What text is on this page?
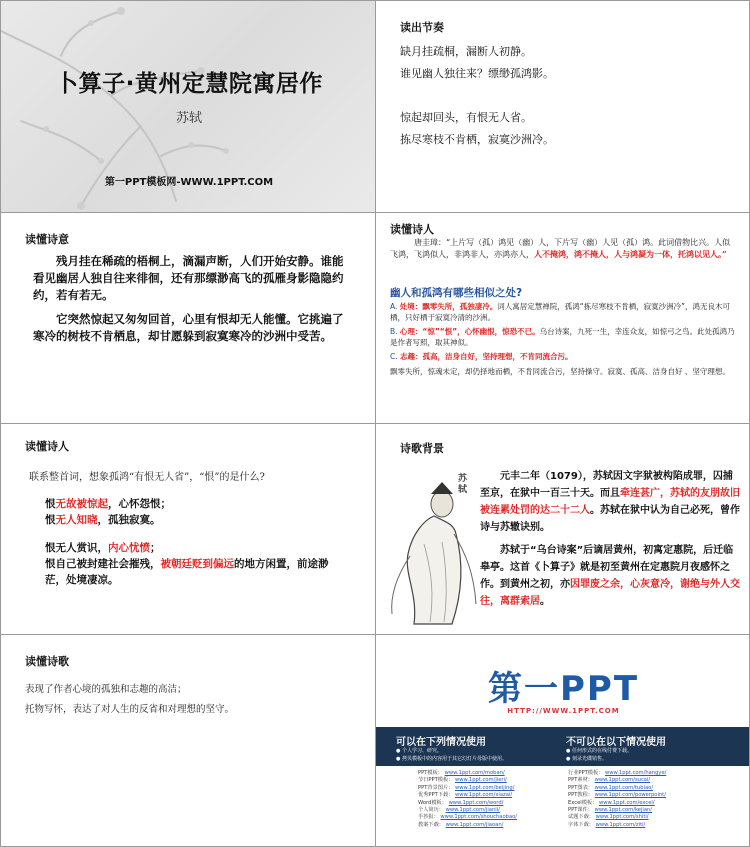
卜算子·黄州定慧院寓居作
苏轼
第一PPT模板网-WWW.1PPT.COM
读出节奏
缺月挂疏桐，漏断人初静。
谁见幽人独往来？缥缈孤鸿影。
惊起却回头，有恨无人省。
拣尽寒枝不肯栖，寂寞沙洲冷。
读懂诗意
残月挂在稀疏的梧桐上，滴漏声断，人们开始安静。谁能看见幽居人独自往来徘徊，还有那缥渺高飞的孤雁身影隐隐约约，若有若无。
它突然惊起又匆匆回首，心里有恨却无人能懂。它挑遍了寒冷的树枝不肯栖息，却甘愿躲到寂寞寒冷的沙洲中受苦。
读懂诗人
唐圭璋：“上片写（孤）鸿见（幽）人，下片写（幽）人见（孤）鸿。此词借物比兴。人似飞鸿，飞鸿似人，非鸿非人，亦鸿亦人，人不掩鸿，鸿不掩人，人与鸿凝为一体，托鸿以见人。”
幽人和孤鸿有哪些相似之处?
A. 处境：飘零失所，孤独凄冷。词人寓居定慧禅院，孤鸿“拣尽寒枝不肯栖，寂寞沙洲冷”，鸿无良木可栖，只好栖于寂寞冷清的沙洲。
B. 心理：“惊”“恨”，心怀幽恨，惊恐不已。乌台诗案，九死一生，幸连众友，如惊弓之鸟。此处孤鸿乃是作者写照，取其神似。
C. 志趣：孤高，洁身自好，坚持理想，不肯同流合污。
飘零失所，惊魂未定，却仍择地而栖，不肯同流合污，坚持操守。寂寞、孤高、洁身自好 、坚守理想。
读懂诗人
联系整首词，想象孤鸿“有恨无人省”，“恨”的是什么?
恨无故被惊起，心怀怨恨；
恨无人知晓，孤独寂寞。
恨无人赏识，内心忧愤；
恨自己被封建社会摧残，被朝廷贬到偏远的地方闲置，前途渺茫，处境凄凉。
诗歌背景
苏轼
元丰二年（1079），苏轼因文字狱被构陷成罪，囚捕至京，在狱中一百三十天。而且牵连甚广，苏轼的友朋故旧被连累处罚的达二十二人。苏轼在狱中认为自己必死，曾作诗与苏辙诀别。
苏轼于“乌台诗案”后谪居黄州，初寓定惠院，后迁临皋亭。这首《卜算子》就是初至黄州在定惠院月夜感怀之作。到黄州之初，亦因罪废之余，心灰意冷，谢绝与外人交往，离群索居。
读懂诗歌
表现了作者心境的孤独和志趣的高洁；
托物写怀，表达了对人生的反省和对理想的坚守。
第一PPT
HTTP://WWW.1PPT.COM
可以在下列情况使用
● 个人学习、研究。
● 拷贝模板中的内容用于其它幻灯片母版中使用。
不可以在以下情况使用
● 任何形式的在线付费下载。
● 刻录光碟销售。
PPT模板： www.1ppt.com/moban/
节日PPT模板： www.1ppt.com/jieri/
PPT背景图片： www.1ppt.com/beijing/
优秀PPT下载： www.1ppt.com/xiazai/
Word模板： www.1ppt.com/word/
个人简历： www.1ppt.com/jianli/
手抄报： www.1ppt.com/shouchaobao/
教案下载： www.1ppt.com/jiaoan/
行业PPT模板： www.1ppt.com/hangye/
PPT素材： www.1ppt.com/sucai/
PPT图表： www.1ppt.com/tubiao/
PPT教程： www.1ppt.com/powerpoint/
Excel模板： www.1ppt.com/excel/
PPT课件： www.1ppt.com/kejian/
试题下载： www.1ppt.com/shiti/
字体下载： www.1ppt.com/ziti/
